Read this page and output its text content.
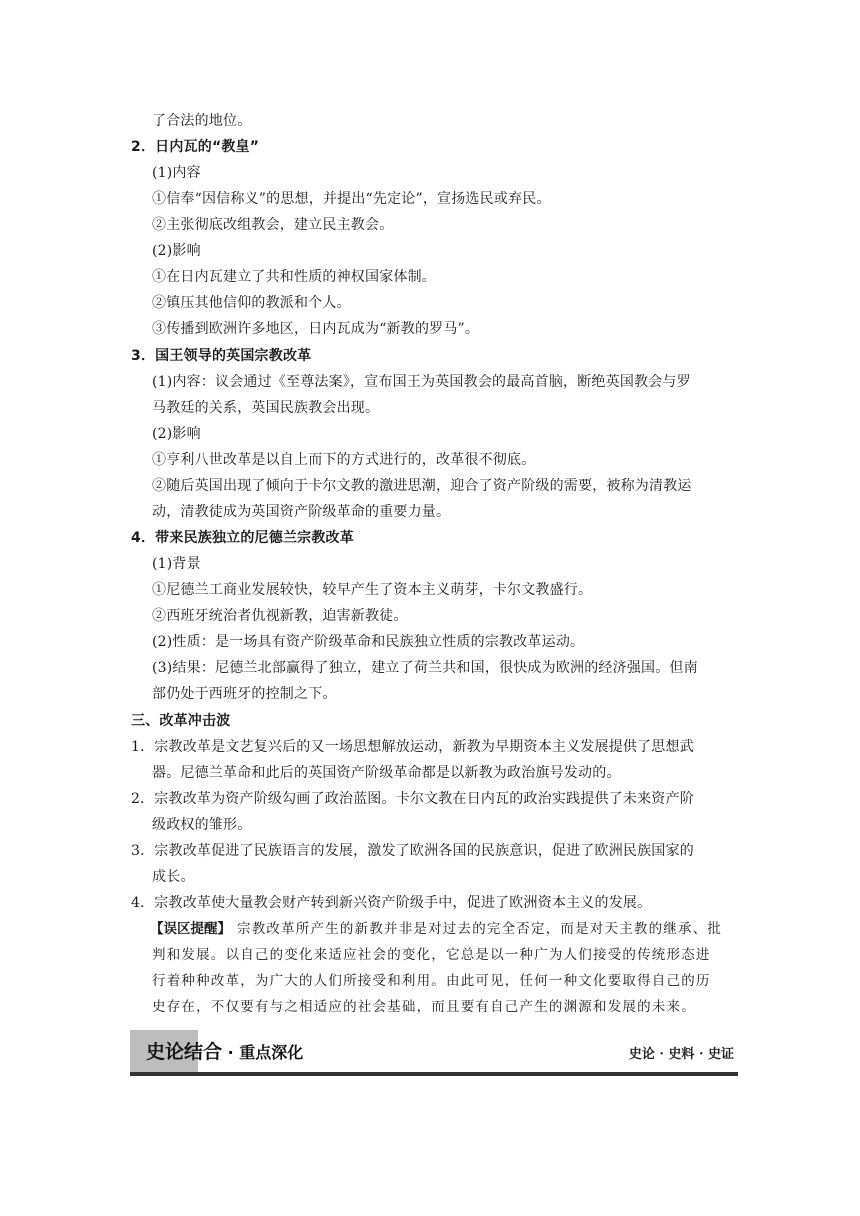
了合法的地位。
2．日内瓦的“教皇”
(1)内容
①信奉“因信称义”的思想，并提出“先定论”，宣扬选民或弃民。
②主张彻底改组教会，建立民主教会。
(2)影响
①在日内瓦建立了共和性质的神权国家体制。
②镇压其他信仰的教派和个人。
③传播到欧洲许多地区，日内瓦成为“新教的罗马”。
3．国王领导的英国宗教改革
(1)内容：议会通过《至尊法案》，宣布国王为英国教会的最高首脑，断绝英国教会与罗
马教廷的关系，英国民族教会出现。
(2)影响
①亨利八世改革是以自上而下的方式进行的，改革很不彻底。
②随后英国出现了倾向于卡尔文教的激进思潮，迎合了资产阶级的需要，被称为清教运
动，清教徒成为英国资产阶级革命的重要力量。
4．带来民族独立的尼德兰宗教改革
(1)背景
①尼德兰工商业发展较快，较早产生了资本主义萌芽，卡尔文教盛行。
②西班牙统治者仇视新教，迫害新教徒。
(2)性质：是一场具有资产阶级革命和民族独立性质的宗教改革运动。
(3)结果：尼德兰北部赢得了独立，建立了荷兰共和国，很快成为欧洲的经济强国。但南
部仍处于西班牙的控制之下。
三、改革冲击波
1．宗教改革是文艺复兴后的又一场思想解放运动，新教为早期资本主义发展提供了思想武
器。尼德兰革命和此后的英国资产阶级革命都是以新教为政治旗号发动的。
2．宗教改革为资产阶级勾画了政治蓝图。卡尔文教在日内瓦的政治实践提供了未来资产阶
级政权的雏形。
3．宗教改革促进了民族语言的发展，激发了欧洲各国的民族意识，促进了欧洲民族国家的
成长。
4．宗教改革使大量教会财产转到新兴资产阶级手中，促进了欧洲资本主义的发展。
【误区提醒】 宗教改革所产生的新教并非是对过去的完全否定，而是对天主教的继承、批
判和发展。以自己的变化来适应社会的变化，它总是以一种广为人们接受的传统形态进
行着种种改革，为广大的人们所接受和利用。由此可见，任何一种文化要取得自己的历
史存在，不仅要有与之相适应的社会基础，而且要有自己产生的渊源和发展的未来。
史论结合 · 重点深化	史论 · 史料 · 史证
